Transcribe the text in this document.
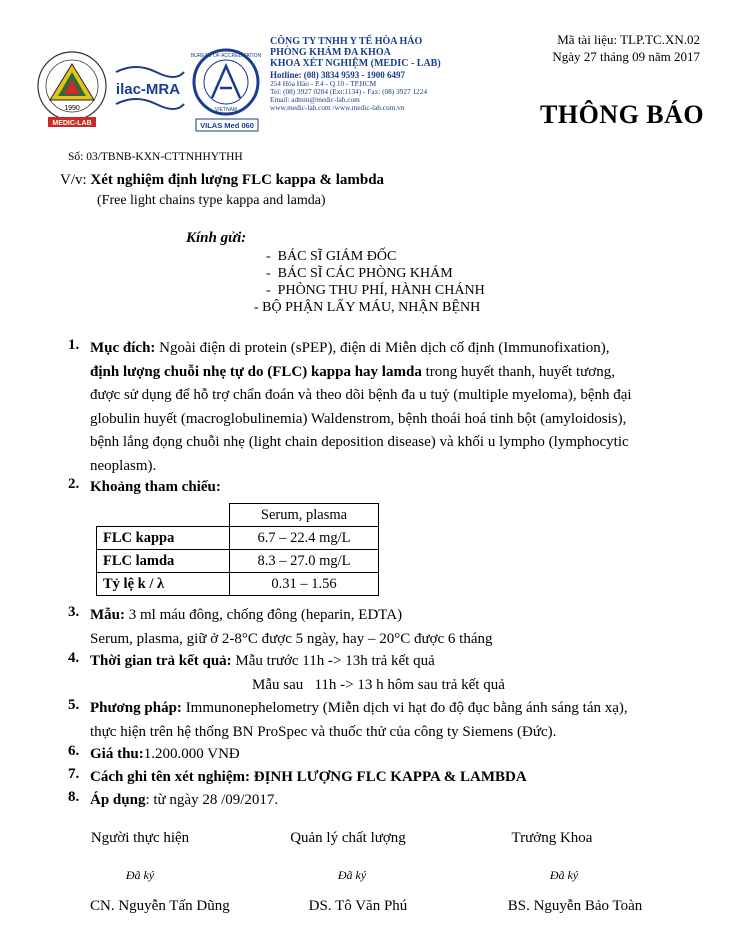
1990
MEDIC-LAB
ilac-MRA
BUREAU OF ACCREDITATION
VIETNAM
VILAS Med 060
CÔNG TY TNHH Y TẾ HÒA HẢO
PHÒNG KHÁM ĐA KHOA
KHOA XÉT NGHIỆM (MEDIC - LAB)
Hotline: (08) 3834 9593 - 1900 6497
254 Hòa Hảo - P.4 - Q.10 - TP.HCM
Tel: (08) 3927 0284 (Ext:1134) - Fax: (08) 3927 1224
Email: admin@medic-lab.com
www.medic-lab.com /www.medic-lab.com.vn
Mã tài liệu: TLP.TC.XN.02
Ngày 27 tháng 09 năm 2017
THÔNG BÁO
Số: 03/TBNB-KXN-CTTNHHYTHH
V/v: Xét nghiệm định lượng FLC kappa & lambda
(Free light chains type kappa and lamda)
Kính gửi:
-  BÁC SĨ GIÁM ĐỐC
-  BÁC SĨ CÁC PHÒNG KHÁM
-  PHÒNG THU PHÍ, HÀNH CHÁNH
- BỘ PHẬN LẤY MÁU, NHẬN BỆNH
1. Mục đích: Ngoài điện di protein (sPEP), điện di Miễn dịch cố định (Immunofixation),
định lượng chuỗi nhẹ tự do (FLC) kappa hay lamda trong huyết thanh, huyết tương,
được sử dụng để hỗ trợ chẩn đoán và theo dõi bệnh đa u tuỷ (multiple myeloma), bệnh đại
globulin huyết (macroglobulinemia) Waldenstrom, bệnh thoái hoá tinh bột (amyloidosis),
bệnh lắng đọng chuỗi nhẹ (light chain deposition disease) và khối u lympho (lymphocytic
neoplasm).
2. Khoảng tham chiếu:
	Serum, plasma
FLC kappa	6.7 – 22.4 mg/L
FLC lamda	8.3 – 27.0 mg/L
Tỷ lệ k / λ	0.31 – 1.56
3. Mẫu: 3 ml máu đông, chống đông (heparin, EDTA)
Serum, plasma, giữ ở 2-8°C được 5 ngày, hay – 20°C được 6 tháng
4. Thời gian trả kết quả: Mẫu trước 11h -> 13h trả kết quả
Mẫu sau   11h -> 13 h hôm sau trả kết quả
5. Phương pháp: Immunonephelometry (Miễn dịch vi hạt đo độ đục bằng ánh sáng tán xạ),
thực hiện trên hệ thống BN ProSpec và thuốc thử của công ty Siemens (Đức).
6. Giá thu:1.200.000 VNĐ
7. Cách ghi tên xét nghiệm: ĐỊNH LƯỢNG FLC KAPPA & LAMBDA
8. Áp dụng: từ ngày 28 /09/2017.
Người thực hiện	Quản lý chất lượng	Trưởng Khoa
Đã ký	Đã ký	Đã ký
CN. Nguyễn Tấn Dũng	DS. Tô Văn Phú	BS. Nguyễn Bảo Toàn
